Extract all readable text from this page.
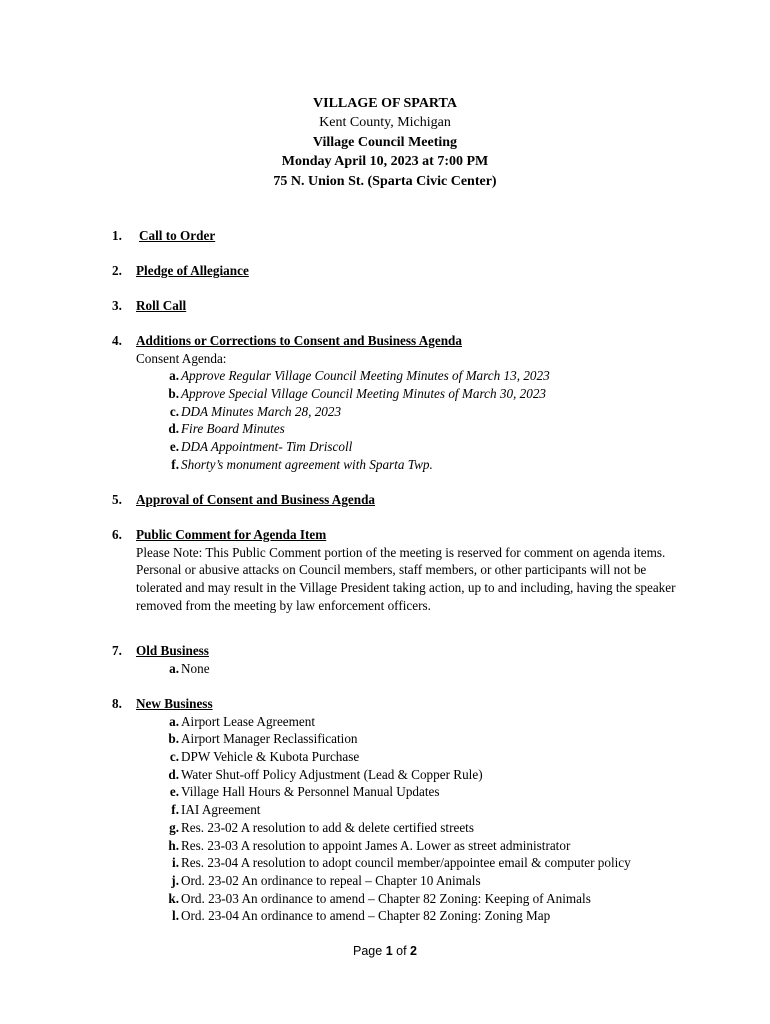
VILLAGE OF SPARTA
Kent County, Michigan
Village Council Meeting
Monday April 10, 2023 at 7:00 PM
75 N. Union St. (Sparta Civic Center)
1. Call to Order
2. Pledge of Allegiance
3. Roll Call
4. Additions or Corrections to Consent and Business Agenda
Consent Agenda:
a. Approve Regular Village Council Meeting Minutes of March 13, 2023
b. Approve Special Village Council Meeting Minutes of March 30, 2023
c. DDA Minutes March 28, 2023
d. Fire Board Minutes
e. DDA Appointment- Tim Driscoll
f. Shorty’s monument agreement with Sparta Twp.
5. Approval of Consent and Business Agenda
6. Public Comment for Agenda Item
Please Note: This Public Comment portion of the meeting is reserved for comment on agenda items. Personal or abusive attacks on Council members, staff members, or other participants will not be tolerated and may result in the Village President taking action, up to and including, having the speaker removed from the meeting by law enforcement officers.
7. Old Business
a. None
8. New Business
a. Airport Lease Agreement
b. Airport Manager Reclassification
c. DPW Vehicle & Kubota Purchase
d. Water Shut-off Policy Adjustment (Lead & Copper Rule)
e. Village Hall Hours & Personnel Manual Updates
f. IAI Agreement
g. Res. 23-02 A resolution to add & delete certified streets
h. Res. 23-03 A resolution to appoint James A. Lower as street administrator
i. Res. 23-04 A resolution to adopt council member/appointee email & computer policy
j. Ord. 23-02 An ordinance to repeal – Chapter 10 Animals
k. Ord. 23-03 An ordinance to amend – Chapter 82 Zoning: Keeping of Animals
l. Ord. 23-04 An ordinance to amend – Chapter 82 Zoning: Zoning Map
Page 1 of 2
